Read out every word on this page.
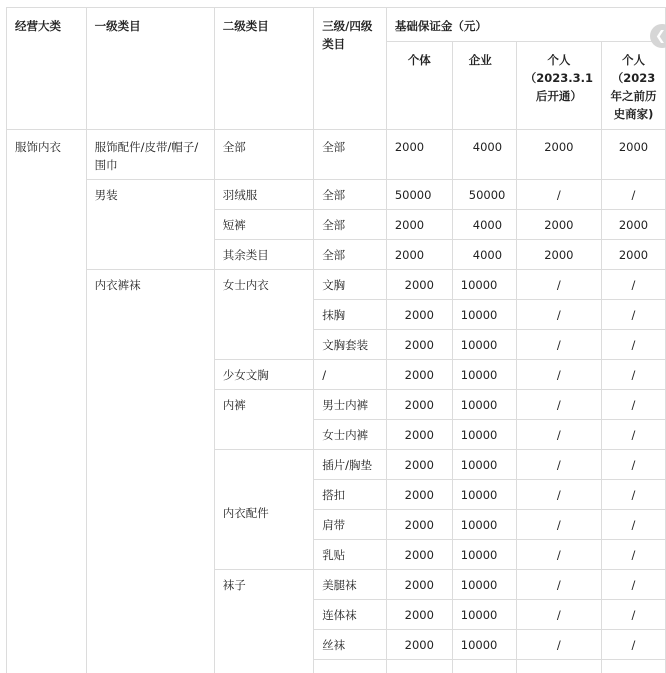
经营大类	一级类目	二级类目	三级/四级类目	基础保证金（元）			
				个体	企业	个人（2023.3.1后开通）	个人（2023年之前历史商家)
服饰内衣	服饰配件/皮带/帽子/围巾	全部	全部	2000	4000	2000	2000
	男装	羽绒服	全部	50000	50000	/	/
		短裤	全部	2000	4000	2000	2000
		其余类目	全部	2000	4000	2000	2000
	内衣裤袜	女士内衣	文胸	2000	10000	/	/
			抹胸	2000	10000	/	/
			文胸套装	2000	10000	/	/
		少女文胸	/	2000	10000	/	/
		内裤	男士内裤	2000	10000	/	/
			女士内裤	2000	10000	/	/
		内衣配件	插片/胸垫	2000	10000	/	/
			搭扣	2000	10000	/	/
			肩带	2000	10000	/	/
			乳贴	2000	10000	/	/
		袜子	美腿袜	2000	10000	/	/
			连体袜	2000	10000	/	/
			丝袜	2000	10000	/	/

❮
